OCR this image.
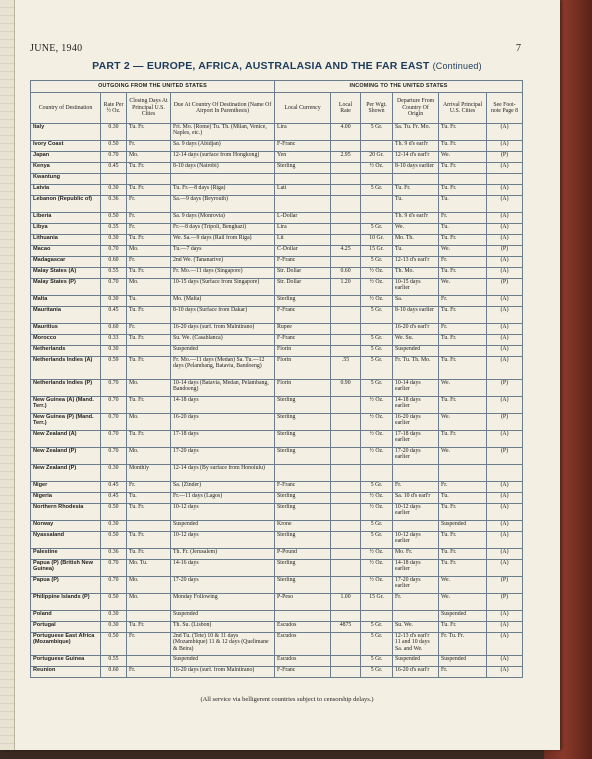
JUNE, 1940	7
PART 2 — EUROPE, AFRICA, AUSTRALASIA AND THE FAR EAST (Continued)
OUTGOING FROM THE UNITED STATES				INCOMING TO THE UNITED STATES					
Country of Destination	Rate Per ½ Oz.	Closing Days At Principal U.S. Cities	Due At Country Of Destination (Name Of Airport In Parenthesis)	Local Currency	Local Rate	Per Wgt. Shown	Departure From Country Of Origin	Arrival Principal U.S. Cities	See Foot-note Page 8
Italy	0.30	Tu. Fr.	Fri. Mo. (Rome) Tu. Th. (Milan, Venice, Naples, etc.)	Lira	4.00	5 Gr.	Sa. Tu. Fr. Mo.	Tu. Fr.	(A)
Ivory Coast	0.50	Fr.	Sa. 9 days (Abidjan)	F-Franc			Th. 9 d's earl'r	Tu. Fr.	(A)
Japan	0.70	Mo.	12-14 days (surface from Hongkong)	Yen	2.95	20 Gr.	12-14 d's earl'r	We.	(P)
Kenya	0.45	Tu. Fr.	8-10 days (Nairobi)	Sterling		½ Oz.	8-10 days earlier	Tu. Fr.	(A)
Kwantung									
Latvia	0.30	Tu. Fr.	Tu. Fr.—8 days (Riga)	Lati		5 Gr.	Tu. Fr.	Tu. Fr.	(A)
Lebanon (Republic of)	0.36	Fr.	Sa.—9 days (Beyrouth)				Tu.	Tu.	(A)
Liberia	0.50	Fr.	Sa. 9 days (Monrovia)	L-Dollar			Th. 9 d's earl'r	Fr.	(A)
Libya	0.35	Fr.	Fr.—8 days (Tripoli, Benghazi)	Lira		5 Gr.	We.	Tu.	(A)
Lithuania	0.30	Tu. Fr.	We. Sa.—9 days (Rail from Riga)	Lit		10 Gr.	Mo. Th.	Tu. Fr.	(A)
Macao	0.70	Mo.	Tu.—7 days	C-Dollar	4.25	15 Gr.	Tu.	We.	(P)
Madagascar	0.60	Fr.	2nd We. (Tananarive)	F-Franc		5 Gr.	12-13 d's earl'r	Fr.	(A)
Malay States (A)	0.55	Tu. Fr.	Fr. Mo.—11 days (Singapore)	Str. Dollar	0.60	½ Oz.	Th. Mo.	Tu. Fr.	(A)
Malay States (P)	0.70	Mo.	10-15 days (Surface from Singapore)	Str. Dollar	1.20	½ Oz.	10-15 days earlier	We.	(P)
Malta	0.30	Tu.	Mo. (Malta)	Sterling		½ Oz.	Sa.	Fr.	(A)
Mauritania	0.45	Tu. Fr.	8-10 days (Surface from Dakar)	F-Franc		5 Gr.	8-10 days earlier	Tu. Fr.	(A)
Mauritius	0.60	Fr.	16-20 days (surf. from Malntirano)	Rupee			16-20 d's earl'r	Fr.	(A)
Morocco	0.33	Tu. Fr.	Su. We. (Casablanca)	F-Franc		5 Gr.	We. Su.	Tu. Fr.	(A)
Netherlands	0.30		Suspended	Florin		5 Gr.	Suspended		(A)
Netherlands Indies (A)	0.59	Tu. Fr.	Fr. Mo.—11 days (Medan) Sa. Tu.—12 days (Pelambang, Batavia, Bandoeng)	Florin	.55	5 Gr.	Fr. Tu. Th. Mo.	Tu. Fr.	(A)
Netherlands Indies (P)	0.70	Mo.	10-14 days (Batavia, Medan, Pelambang, Bandoeng)	Florin	0.90	5 Gr.	10-14 days earlier	We.	(P)
New Guinea (A) (Mand. Terr.)	0.70	Tu. Fr.	14-18 days	Sterling		½ Oz.	14-18 days earlier	Tu. Fr.	(A)
New Guinea (P) (Mand. Terr.)	0.70	Mo.	16-20 days	Sterling		½ Oz.	16-20 days earlier	We.	(P)
New Zealand (A)	0.70	Tu. Fr.	17-18 days	Sterling		½ Oz.	17-18 days earlier	Tu. Fr.	(A)
New Zealand (P)	0.70	Mo.	17-20 days	Sterling		½ Oz.	17-20 days earlier	We.	(P)
New Zealand (P)	0.30	Monthly	12-14 days (By surface from Honolulu)						
Niger	0.45	Fr.	Sa. (Zinder)	F-Franc		5 Gr.	Fr.	Fr.	(A)
Nigeria	0.45	Tu.	Fr.—11 days (Lagos)	Sterling		½ Oz.	Sa. 10 d's earl'r	Tu.	(A)
Northern Rhodesia	0.50	Tu. Fr.	10-12 days	Sterling		½ Oz.	10-12 days earlier	Tu. Fr.	(A)
Norway	0.30		Suspended	Krone		5 Gr.		Suspended	(A)
Nyassaland	0.50	Tu. Fr.	10-12 days	Sterling		5 Gr.	10-12 days earlier	Tu. Fr.	(A)
Palestine	0.36	Tu. Fr.	Th. Fr. (Jerusalem)	P-Pound		½ Oz.	Mo. Fr.	Tu. Fr.	(A)
Papua (P) (British New Guinea)	0.70	Mo. Tu.	14-16 days	Sterling		½ Oz.	14-18 days earlier	Tu. Fr.	(A)
Papua (P)	0.70	Mo.	17-20 days	Sterling		½ Oz.	17-20 days earlier	We.	(P)
Philippine Islands (P)	0.50	Mo.	Monday Following	P-Peso	1.00	15 Gr.	Fr.	We.	(P)
Poland	0.30		Suspended					Suspended	(A)
Portugal	0.30	Tu. Fr.	Th. Su. (Lisbon)	Escudos	4875	5 Gr.	Su. We.	Tu. Fr.	(A)
Portuguese East Africa (Mozambique)	0.50	Fr.	2nd Tu. (Tete) 10 & 11 days (Mozambique) 11 & 12 days (Quelimane & Beira)	Escudos		5 Gr.	12-13 d's earl'r 11 and 10 days Sa. and We.	Fr. Tu. Fr.	(A)
Portuguese Guinea	0.55		Suspended	Escudos		5 Gr.	Suspended	Suspended	(A)
Reunion	0.60	Fr.	16-20 days (surf. from Malntirano)	F-Franc		5 Gr.	16-20 d's earl'r	Fr.	(A)
(All service via belligerent countries subject to censorship delays.)
